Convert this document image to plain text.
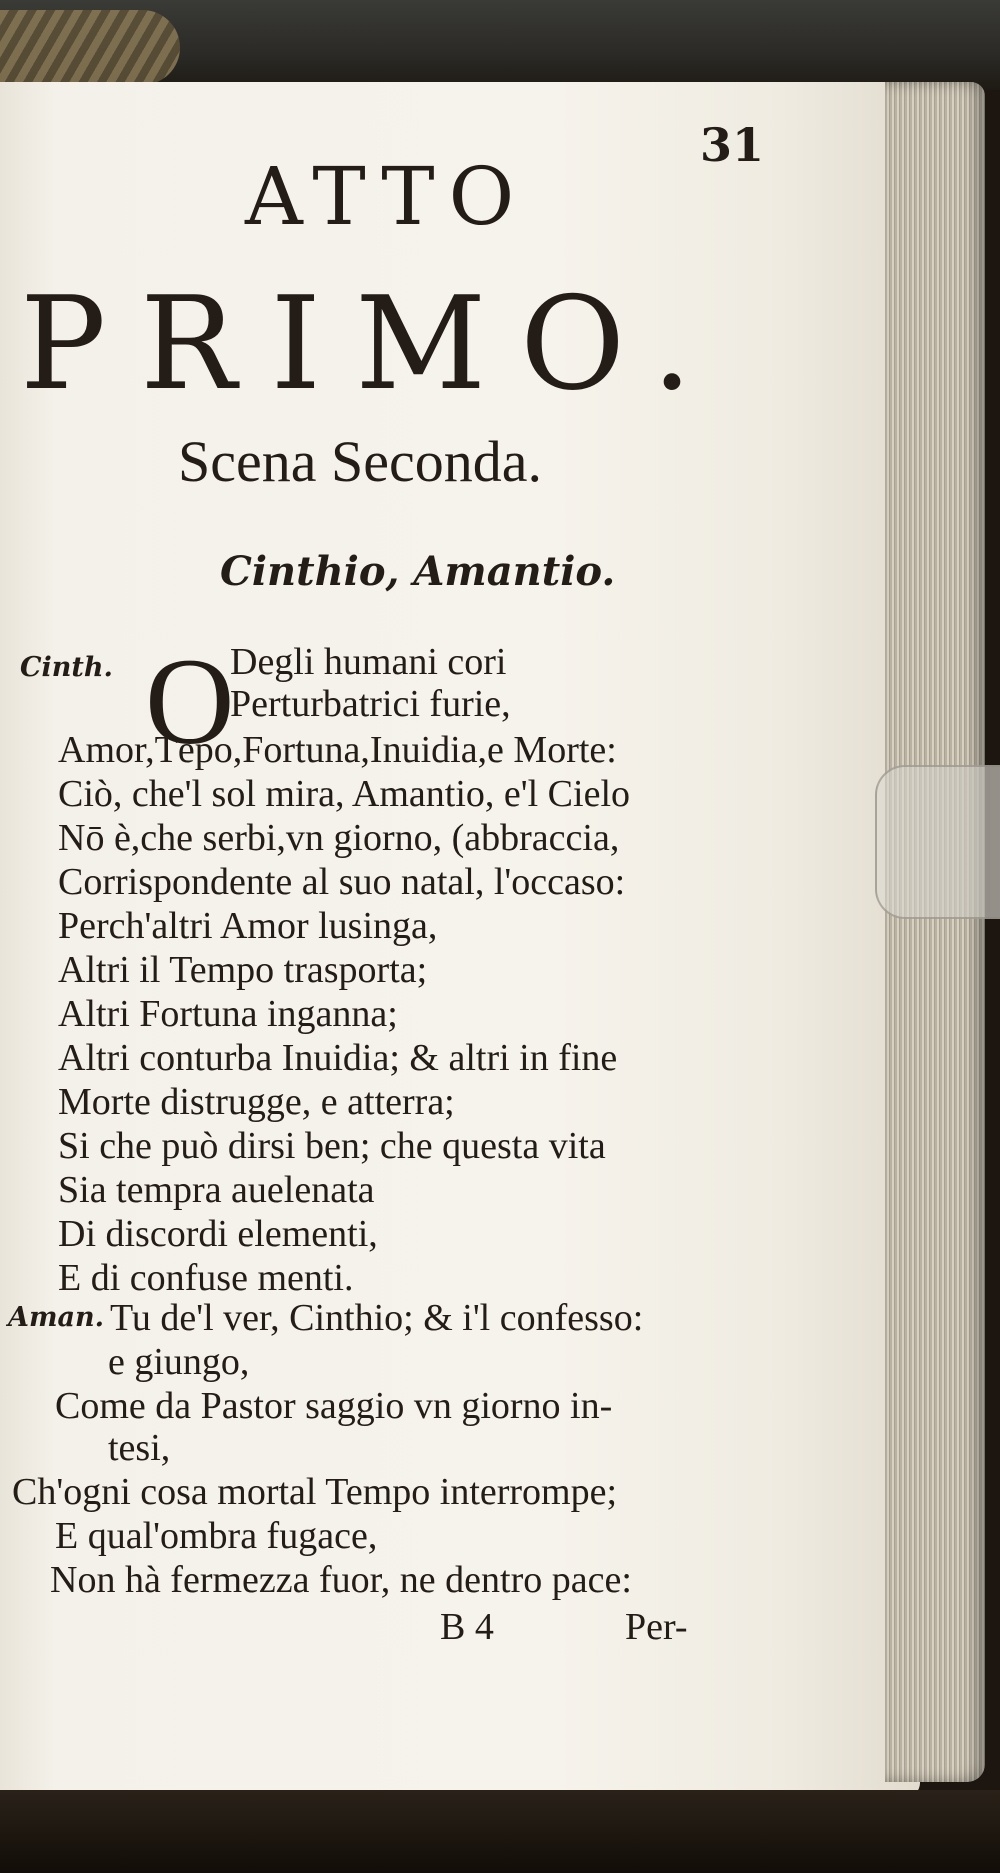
31
ATTO
PRIMO.
Scena Seconda.
Cinthio, Amantio.
Cinth. O
Degli humani cori
Perturbatrici furie,
Amor,Tēpo,Fortuna,Inuidia,e Morte:
Ciò, che'l sol mira, Amantio, e'l Cielo
Nō è,che serbi,vn giorno, (abbraccia,
Corrispondente al suo natal, l'occaso:
Perch'altri Amor lusinga,
Altri il Tempo trasporta;
Altri Fortuna inganna;
Altri conturba Inuidia; & altri in fine
Morte distrugge, e atterra;
Si che può dirsi ben; che questa vita
Sia tempra auelenata
Di discordi elementi,
E di confuse menti.
Aman. Tu de'l ver, Cinthio; & i'l confesso:
e giungo,
Come da Pastor saggio vn giorno in-
tesi,
Ch'ogni cosa mortal Tempo interrompe;
E qual'ombra fugace,
Non hà fermezza fuor, ne dentro pace:
B 4	Per-
